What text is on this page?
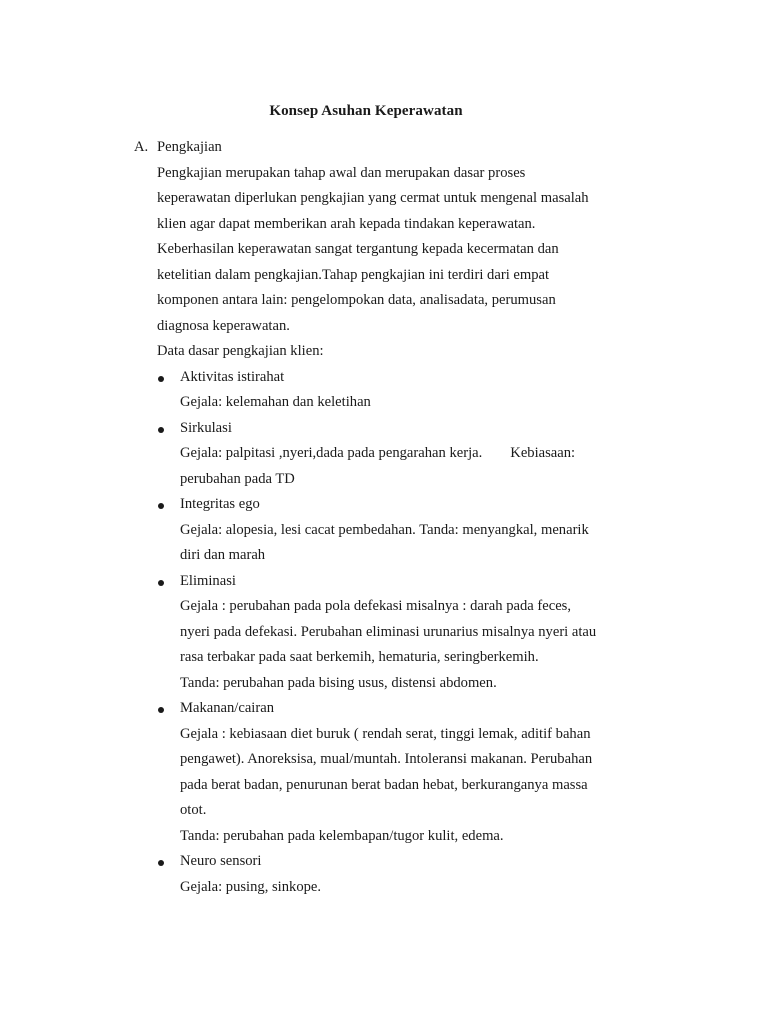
Konsep Asuhan Keperawatan
A. Pengkajian
Pengkajian merupakan tahap awal dan merupakan dasar proses
keperawatan diperlukan pengkajian yang cermat untuk mengenal masalah
klien agar dapat memberikan arah kepada tindakan keperawatan.
Keberhasilan keperawatan sangat tergantung kepada kecermatan dan
ketelitian dalam pengkajian.Tahap pengkajian ini terdiri dari empat
komponen antara lain: pengelompokan data, analisadata, perumusan
diagnosa keperawatan.
Data dasar pengkajian klien:
Aktivitas istirahat
Gejala: kelemahan dan keletihan
Sirkulasi
Gejala: palpitasi ,nyeri,dada pada pengarahan kerja. Kebiasaan:
perubahan pada TD
Integritas ego
Gejala: alopesia, lesi cacat pembedahan. Tanda: menyangkal, menarik
diri dan marah
Eliminasi
Gejala : perubahan pada pola defekasi misalnya : darah pada feces,
nyeri pada defekasi. Perubahan eliminasi urunarius misalnya nyeri atau
rasa terbakar pada saat berkemih, hematuria, seringberkemih.
Tanda: perubahan pada bising usus, distensi abdomen.
Makanan/cairan
Gejala : kebiasaan diet buruk ( rendah serat, tinggi lemak, aditif bahan
pengawet). Anoreksisa, mual/muntah. Intoleransi makanan. Perubahan
pada berat badan, penurunan berat badan hebat, berkuranganya massa
otot.
Tanda: perubahan pada kelembapan/tugor kulit, edema.
Neuro sensori
Gejala: pusing, sinkope.
